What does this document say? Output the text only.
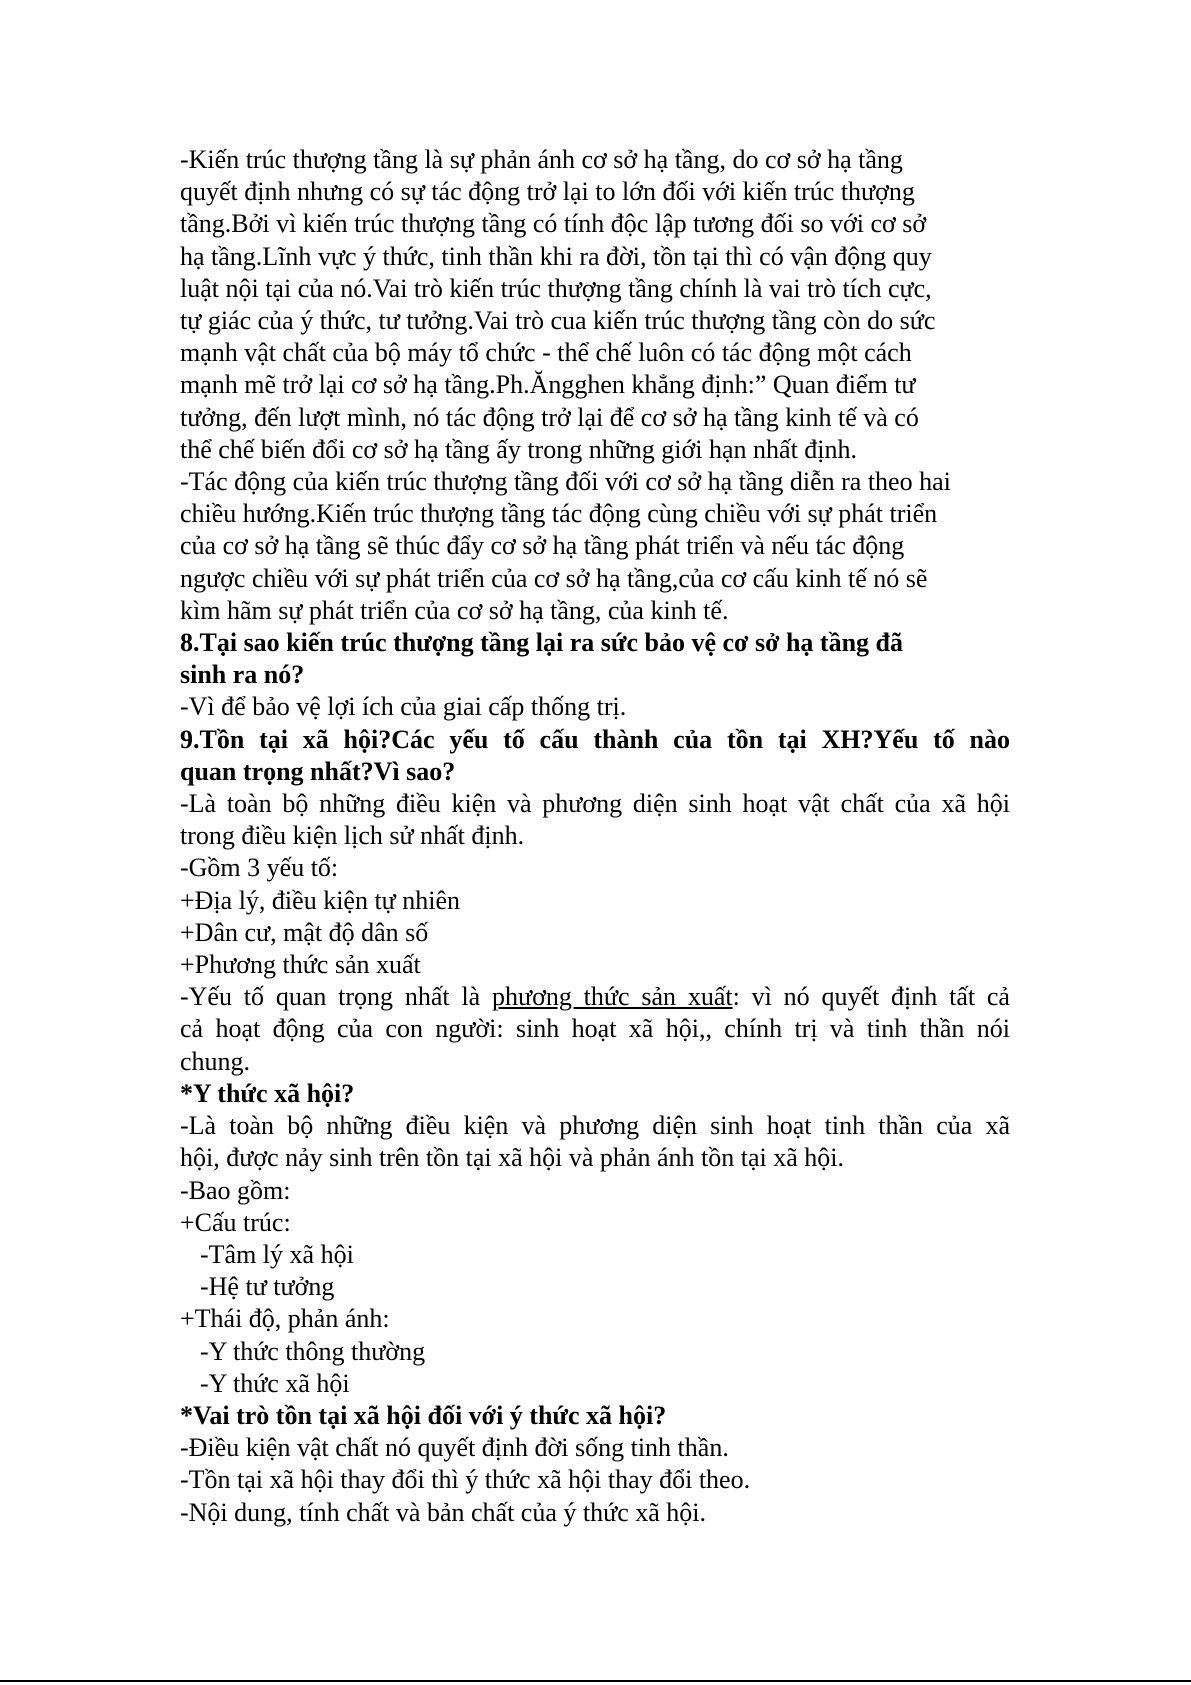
-Kiến trúc thượng tầng là sự phản ánh cơ sở hạ tầng, do cơ sở hạ tầng
quyết định nhưng có sự tác động trở lại to lớn đối với kiến trúc thượng
tầng.Bởi vì kiến trúc thượng tầng có tính độc lập tương đối so với cơ sở
hạ tầng.Lĩnh vực ý thức, tinh thần khi ra đời, tồn tại thì có vận động quy
luật nội tại của nó.Vai trò kiến trúc thượng tầng chính là vai trò tích cực,
tự giác của ý thức, tư tưởng.Vai trò cua kiến trúc thượng tầng còn do sức
mạnh vật chất của bộ máy tổ chức - thể chế luôn có tác động một cách
mạnh mẽ trở lại cơ sở hạ tầng.Ph.Ăngghen khẳng định:” Quan điểm tư
tưởng, đến lượt mình, nó tác động trở lại để cơ sở hạ tầng kinh tế và có
thể chế biến đổi cơ sở hạ tầng ấy trong những giới hạn nhất định.
-Tác động của kiến trúc thượng tầng đối với cơ sở hạ tầng diễn ra theo hai
chiều hướng.Kiến trúc thượng tầng tác động cùng chiều với sự phát triển
của cơ sở hạ tầng sẽ thúc đẩy cơ sở hạ tầng phát triển và nếu tác động
ngược chiều với sự phát triển của cơ sở hạ tầng,của cơ cấu kinh tế nó sẽ
kìm hãm sự phát triển của cơ sở hạ tầng, của kinh tế.
8.Tại sao kiến trúc thượng tầng lại ra sức bảo vệ cơ sở hạ tầng đã
sinh ra nó?
-Vì để bảo vệ lợi ích của giai cấp thống trị.
9.Tồn tại xã hội?Các yếu tố cấu thành của tồn tại XH?Yếu tố nào
quan trọng nhất?Vì sao?
-Là toàn bộ những điều kiện và phương diện sinh hoạt vật chất của xã hội
trong điều kiện lịch sử nhất định.
-Gồm 3 yếu tố:
+Địa lý, điều kiện tự nhiên
+Dân cư, mật độ dân số
+Phương thức sản xuất
-Yếu tố quan trọng nhất là phương thức sản xuất: vì nó quyết định tất cả
cả hoạt động của con người: sinh hoạt xã hội,, chính trị và tinh thần nói
chung.
*Y thức xã hội?
-Là toàn bộ những điều kiện và phương diện sinh hoạt tinh thần của xã
hội, được nảy sinh trên tồn tại xã hội và phản ánh tồn tại xã hội.
-Bao gồm:
+Cấu trúc:
-Tâm lý xã hội
-Hệ tư tưởng
+Thái độ, phản ánh:
-Y thức thông thường
-Y thức xã hội
*Vai trò tồn tại xã hội đối với ý thức xã hội?
-Điều kiện vật chất nó quyết định đời sống tinh thần.
-Tồn tại xã hội thay đổi thì ý thức xã hội thay đổi theo.
-Nội dung, tính chất và bản chất của ý thức xã hội.
